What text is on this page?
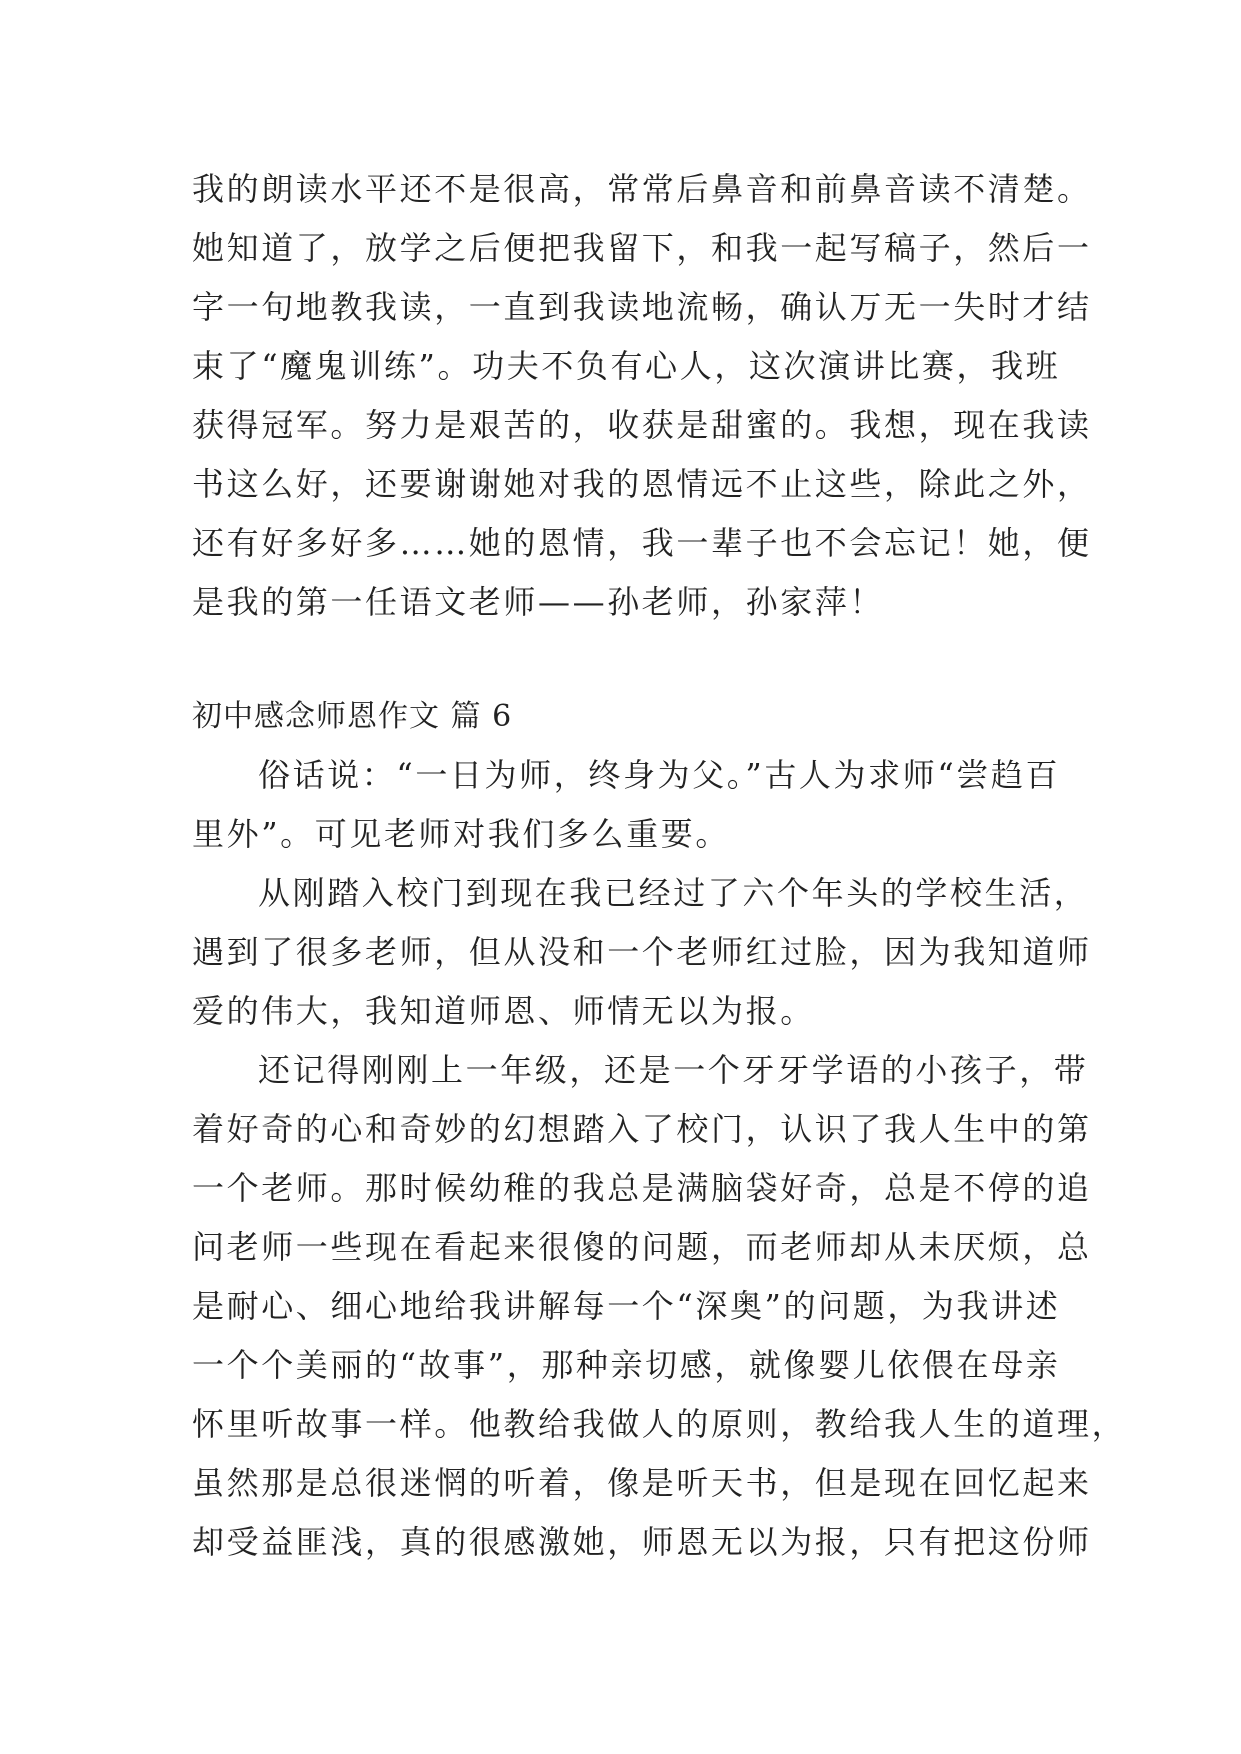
我的朗读水平还不是很高，常常后鼻音和前鼻音读不清楚。
她知道了，放学之后便把我留下，和我一起写稿子，然后一
字一句地教我读，一直到我读地流畅，确认万无一失时才结
束了“魔鬼训练”。功夫不负有心人，这次演讲比赛，我班
获得冠军。努力是艰苦的，收获是甜蜜的。我想，现在我读
书这么好，还要谢谢她对我的恩情远不止这些，除此之外，
还有好多好多……她的恩情，我一辈子也不会忘记！她，便
是我的第一任语文老师——孙老师，孙家萍！
初中感念师恩作文 篇 6
俗话说：“一日为师，终身为父。”古人为求师“尝趋百
里外”。可见老师对我们多么重要。
从刚踏入校门到现在我已经过了六个年头的学校生活，
遇到了很多老师，但从没和一个老师红过脸，因为我知道师
爱的伟大，我知道师恩、师情无以为报。
还记得刚刚上一年级，还是一个牙牙学语的小孩子，带
着好奇的心和奇妙的幻想踏入了校门，认识了我人生中的第
一个老师。那时候幼稚的我总是满脑袋好奇，总是不停的追
问老师一些现在看起来很傻的问题，而老师却从未厌烦，总
是耐心、细心地给我讲解每一个“深奥”的问题，为我讲述
一个个美丽的“故事”，那种亲切感，就像婴儿依偎在母亲
怀里听故事一样。他教给我做人的原则，教给我人生的道理，
虽然那是总很迷惘的听着，像是听天书，但是现在回忆起来
却受益匪浅，真的很感激她，师恩无以为报，只有把这份师
